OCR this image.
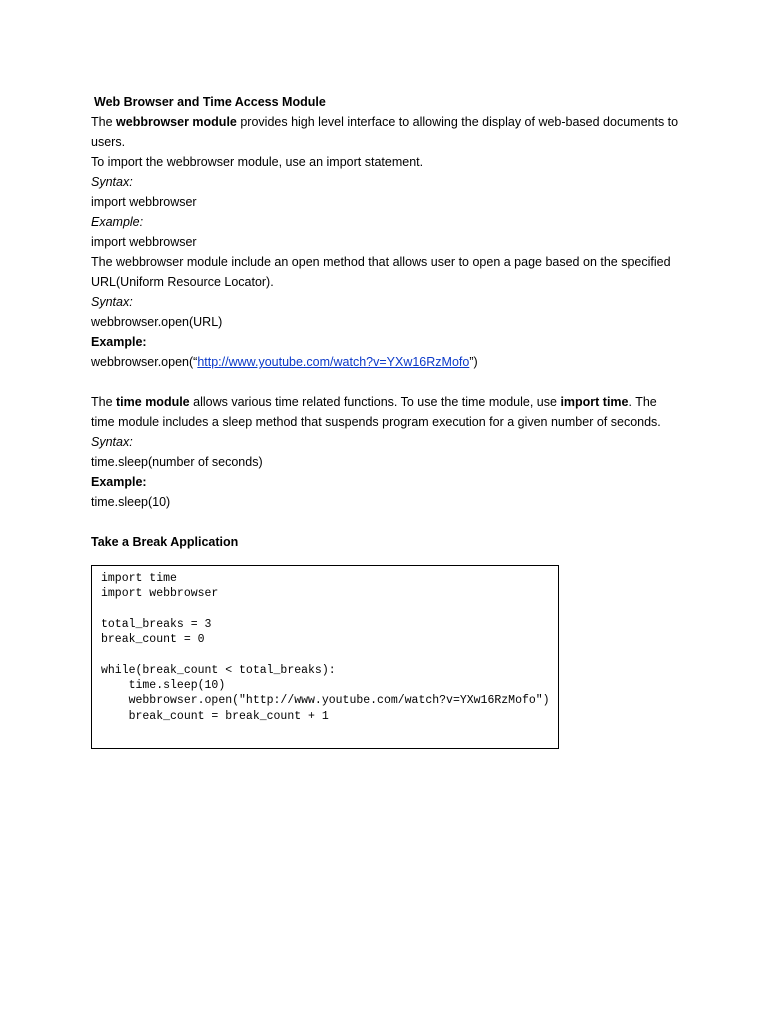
Web Browser and Time Access Module
The webbrowser module provides high level interface to allowing the display of web-based documents to users.
To import the webbrowser module, use an import statement.
Syntax:
import webbrowser
Example:
import webbrowser
The webbrowser module include an open method that allows user to open a page based on the specified URL(Uniform Resource Locator).
Syntax:
webbrowser.open(URL)
Example:
webbrowser.open(“http://www.youtube.com/watch?v=YXw16RzMofo”)
The time module allows various time related functions. To use the time module, use import time. The time module includes a sleep method that suspends program execution for a given number of seconds.
Syntax:
time.sleep(number of seconds)
Example:
time.sleep(10)
Take a Break Application
import time
import webbrowser
total_breaks = 3
break_count = 0
while(break_count < total_breaks):
time.sleep(10)
webbrowser.open("http://www.youtube.com/watch?v=YXw16RzMofo")
break_count = break_count + 1
